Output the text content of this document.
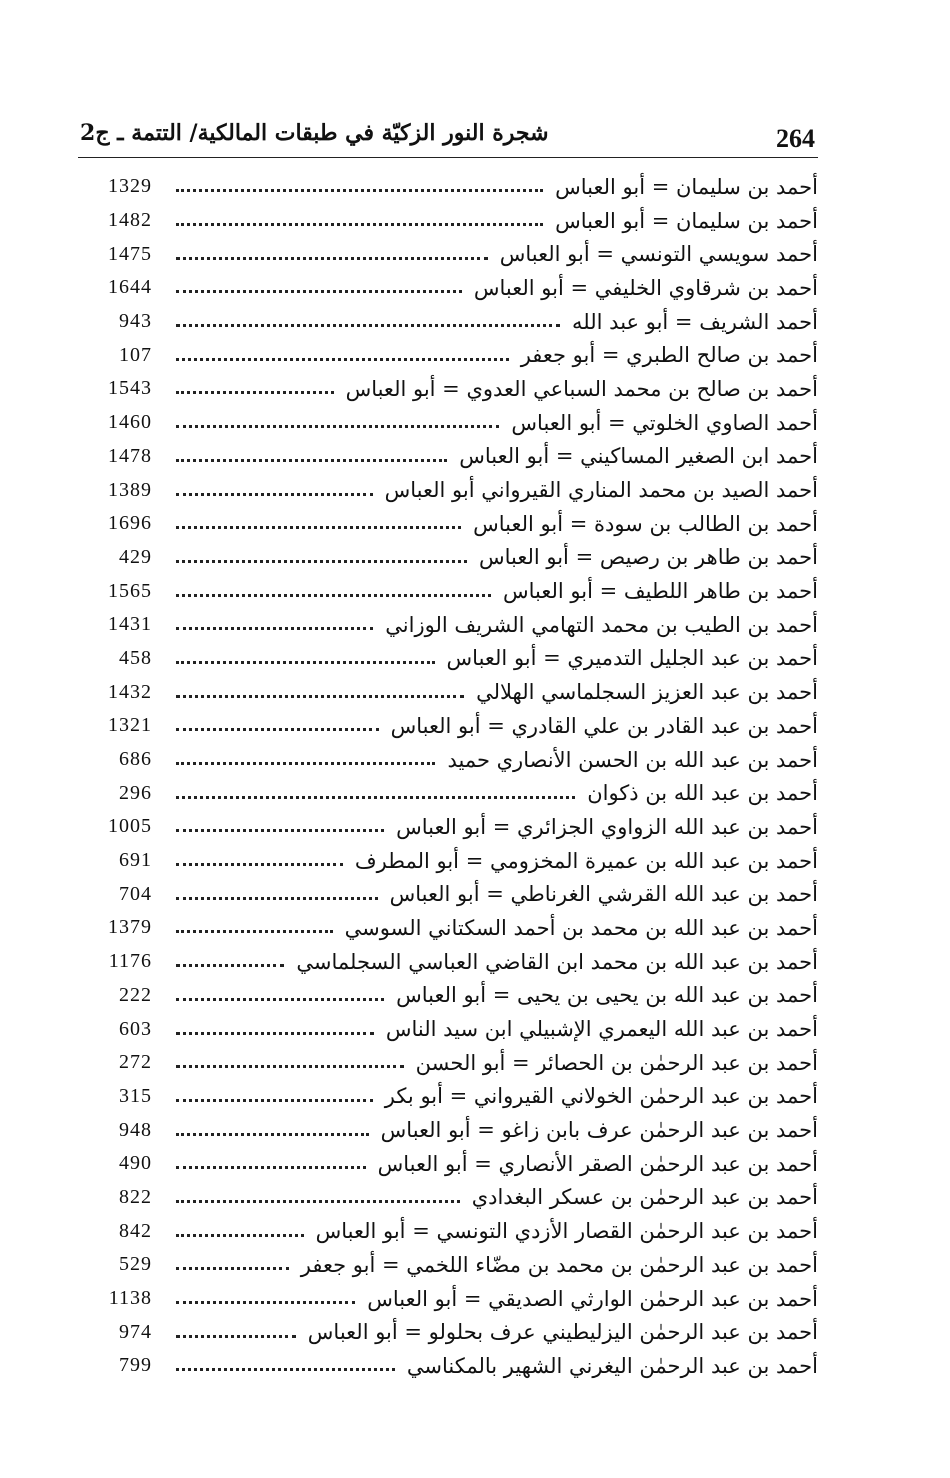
264
شجرة النور الزكيّة في طبقات المالكية/ التتمة ـ ج2
1329	أحمد بن سليمان = أبو العباس
1482	أحمد بن سليمان = أبو العباس
1475	أحمد سويسي التونسي = أبو العباس
1644	أحمد بن شرقاوي الخليفي = أبو العباس
943	أحمد الشريف = أبو عبد الله
107	أحمد بن صالح الطبري = أبو جعفر
1543	أحمد بن صالح بن محمد السباعي العدوي = أبو العباس
1460	أحمد الصاوي الخلوتي = أبو العباس
1478	أحمد ابن الصغير المساكيني = أبو العباس
1389	أحمد الصيد بن محمد المناري القيرواني أبو العباس
1696	أحمد بن الطالب بن سودة = أبو العباس
429	أحمد بن طاهر بن رصيص = أبو العباس
1565	أحمد بن طاهر اللطيف = أبو العباس
1431	أحمد بن الطيب بن محمد التهامي الشريف الوزاني
458	أحمد بن عبد الجليل التدميري = أبو العباس
1432	أحمد بن عبد العزيز السجلماسي الهلالي
1321	أحمد بن عبد القادر بن علي القادري = أبو العباس
686	أحمد بن عبد الله بن الحسن الأنصاري حميد
296	أحمد بن عبد الله بن ذكوان
1005	أحمد بن عبد الله الزواوي الجزائري = أبو العباس
691	أحمد بن عبد الله بن عميرة المخزومي = أبو المطرف
704	أحمد بن عبد الله القرشي الغرناطي = أبو العباس
1379	أحمد بن عبد الله بن محمد بن أحمد السكتاني السوسي
1176	أحمد بن عبد الله بن محمد ابن القاضي العباسي السجلماسي
222	أحمد بن عبد الله بن يحيى بن يحيى = أبو العباس
603	أحمد بن عبد الله اليعمري الإشبيلي ابن سيد الناس
272	أحمد بن عبد الرحمٰن بن الحصائر = أبو الحسن
315	أحمد بن عبد الرحمٰن الخولاني القيرواني = أبو بكر
948	أحمد بن عبد الرحمٰن عرف بابن زاغو = أبو العباس
490	أحمد بن عبد الرحمٰن الصقر الأنصاري = أبو العباس
822	أحمد بن عبد الرحمٰن بن عسكر البغدادي
842	أحمد بن عبد الرحمٰن القصار الأزدي التونسي = أبو العباس
529	أحمد بن عبد الرحمٰن بن محمد بن مضّاء اللخمي = أبو جعفر
1138	أحمد بن عبد الرحمٰن الوارثي الصديقي = أبو العباس
974	أحمد بن عبد الرحمٰن اليزليطيني عرف بحلولو = أبو العباس
799	أحمد بن عبد الرحمٰن اليغرني الشهير بالمكناسي
